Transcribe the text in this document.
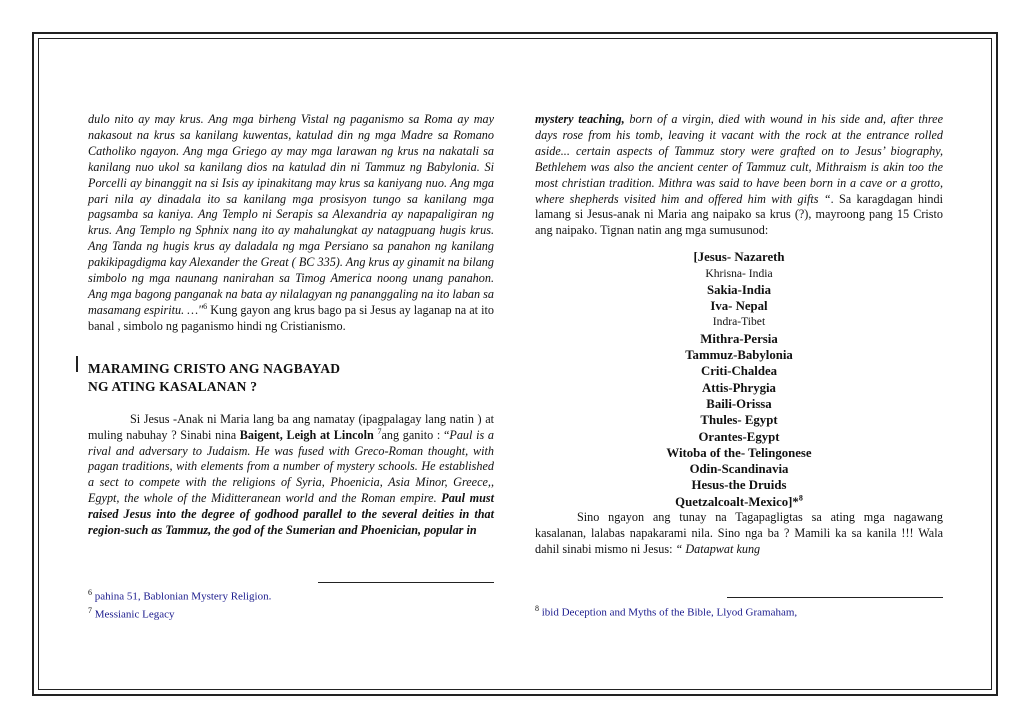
dulo nito ay may krus. Ang mga birheng Vistal ng paganismo sa Roma ay may nakasout na krus sa kanilang kuwentas, katulad din ng mga Madre sa Romano Catholiko ngayon. Ang mga Griego ay may mga larawan ng krus na nakatali sa kanilang nuo ukol sa kanilang dios na katulad din ni Tammuz ng Babylonia. Si Porcelli ay binanggit na si Isis ay ipinakitang may krus sa kaniyang nuo. Ang mga pari nila ay dinadala ito sa kanilang mga prosisyon tungo sa kanilang mga pagsamba sa kaniya. Ang Templo ni Serapis sa Alexandria ay napapaligiran ng krus. Ang Templo ng Sphnix nang ito ay mahalungkat ay natagpuang hugis krus. Ang Tanda ng hugis krus ay daladala ng mga Persiano sa panahon ng kanilang pakikipagdigma kay Alexander the Great ( BC 335). Ang krus ay ginamit na bilang simbolo ng mga naunang nanirahan sa Timog America noong unang panahon. Ang mga bagong panganak na bata ay nilalagyan ng pananggaling na ito laban sa masamang espiritu. …"$^6$ Kung gayon ang krus bago pa si Jesus ay laganap na at ito banal , simbolo ng paganismo hindi ng Cristianismo.

MARAMING CRISTO ANG NAGBAYAD
NG ATING KASALANAN ?

Si Jesus -Anak ni Maria lang ba ang namatay (ipagpalagay lang natin ) at muling nabuhay ? Sinabi nina Baigent, Leigh at Lincoln $^7$ang ganito : “Paul is a rival and adversary to Judaism. He was fused with Greco-Roman thought, with pagan traditions, with elements from a number of mystery schools. He established a sect to compete with the religions of Syria, Phoenicia, Asia Minor, Greece,, Egypt, the whole of the Miditteranean world and the Roman empire. Paul must raised Jesus into the degree of godhood parallel to the several deities in that region-such as Tammuz, the god of the Sumerian and Phoenician, popular in

$^6$ pahina 51, Bablonian Mystery Religion.
$^7$ Messianic Legacy

mystery teaching, born of a virgin, died with wound in his side and, after three days rose from his tomb, leaving it vacant with the rock at the entrance rolled aside... certain aspects of Tammuz story were grafted on to Jesus’ biography, Bethlehem was also the ancient center of Tammuz cult, Mithraism is akin too the most christian tradition. Mithra was said to have been born in a cave or a grotto, where shepherds visited him and offered him with gifts “. Sa karagdagan hindi lamang si Jesus-anak ni Maria ang naipako sa krus (?), mayroong pang 15 Cristo ang naipako. Tignan natin ang mga sumusunod:

[Jesus- Nazareth
Khrisna- India
Sakia-India
Iva- Nepal
Indra-Tibet
Mithra-Persia
Tammuz-Babylonia
Criti-Chaldea
Attis-Phrygia
Baili-Orissa
Thules- Egypt
Orantes-Egypt
Witoba of the- Telingonese
Odin-Scandinavia
Hesus-the Druids
Quetzalcoalt-Mexico]*$^8$

Sino ngayon ang tunay na Tagapagligtas sa ating mga nagawang kasalanan, lalabas napakarami nila. Sino nga ba ? Mamili ka sa kanila !!! Wala dahil sinabi mismo ni Jesus: “ Datapwat kung

$^8$ ibid Deception and Myths of the Bible, Llyod Gramaham,
